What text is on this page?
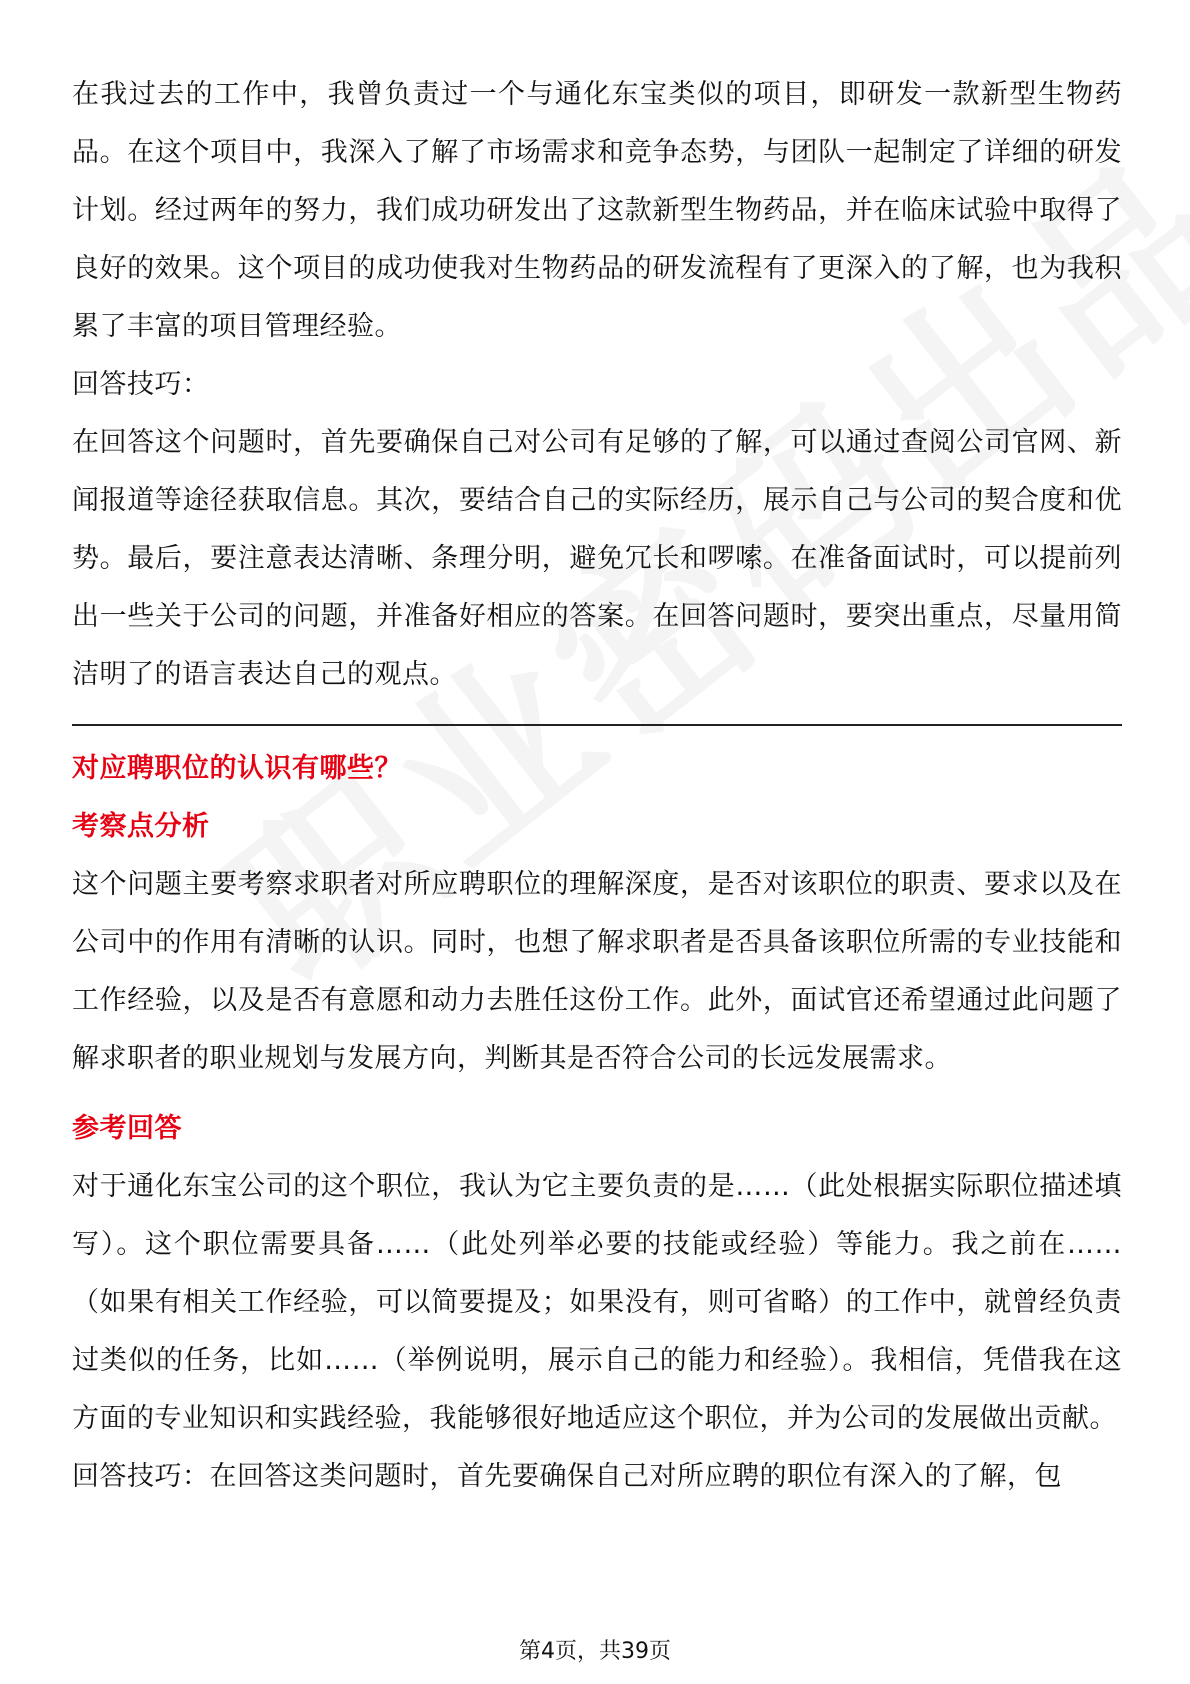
在我过去的工作中，我曾负责过一个与通化东宝类似的项目，即研发一款新型生物药品。在这个项目中，我深入了解了市场需求和竞争态势，与团队一起制定了详细的研发计划。经过两年的努力，我们成功研发出了这款新型生物药品，并在临床试验中取得了良好的效果。这个项目的成功使我对生物药品的研发流程有了更深入的了解，也为我积累了丰富的项目管理经验。

回答技巧：

在回答这个问题时，首先要确保自己对公司有足够的了解，可以通过查阅公司官网、新闻报道等途径获取信息。其次，要结合自己的实际经历，展示自己与公司的契合度和优势。最后，要注意表达清晰、条理分明，避免冗长和啰嗦。在准备面试时，可以提前列出一些关于公司的问题，并准备好相应的答案。在回答问题时，要突出重点，尽量用简洁明了的语言表达自己的观点。

对应聘职位的认识有哪些？

考察点分析

这个问题主要考察求职者对所应聘职位的理解深度，是否对该职位的职责、要求以及在公司中的作用有清晰的认识。同时，也想了解求职者是否具备该职位所需的专业技能和工作经验，以及是否有意愿和动力去胜任这份工作。此外，面试官还希望通过此问题了解求职者的职业规划与发展方向，判断其是否符合公司的长远发展需求。

参考回答

对于通化东宝公司的这个职位，我认为它主要负责的是……（此处根据实际职位描述填写）。这个职位需要具备……（此处列举必要的技能或经验）等能力。我之前在……（如果有相关工作经验，可以简要提及；如果没有，则可省略）的工作中，就曾经负责过类似的任务，比如……（举例说明，展示自己的能力和经验）。我相信，凭借我在这方面的专业知识和实践经验，我能够很好地适应这个职位，并为公司的发展做出贡献。

回答技巧：在回答这类问题时，首先要确保自己对所应聘的职位有深入的了解，包

第4页，共39页
